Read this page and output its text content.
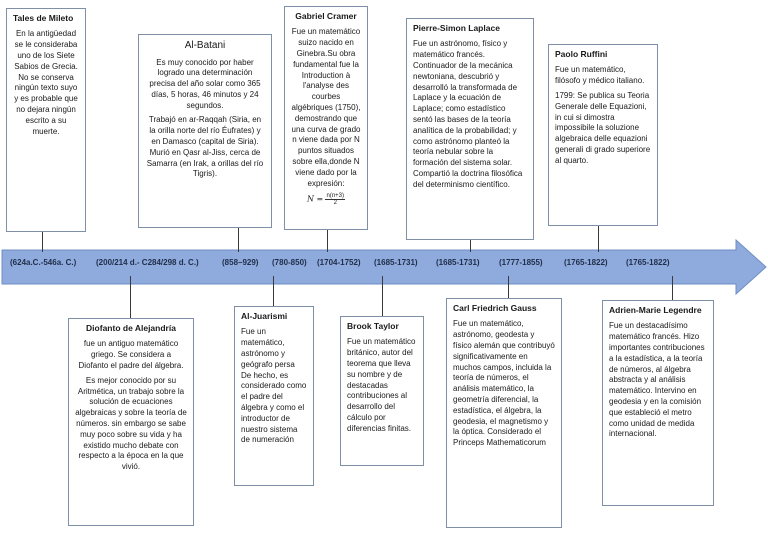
(624a.C.-546a. C.) (200/214 d.- C284/298 d. C.)	(858–929) (780-850) (1704-1752) (1685-1731) (1685-1731) (1777-1855)	(1765-1822) (1765-1822)
Tales de Mileto

En la antigüedad se le consideraba uno de los Siete Sabios de Grecia. No se conserva ningún texto suyo y es probable que no dejara ningún escrito a su muerte.

Al-Batani

Es muy conocido por haber logrado una determinación precisa del año solar como 365 días, 5 horas, 46 minutos y 24 segundos.

Trabajó en ar-Raqqah (Siria, en la orilla norte del río Éufrates) y en Damasco (capital de Siria). Murió en Qasr al-Jiss, cerca de Samarra (en Irak, a orillas del río Tigris).

Gabriel Cramer

Fue un matemático suizo nacido en Ginebra.Su obra fundamental fue la Introduction à l'analyse des courbes algébriques (1750), demostrando que una curva de grado n viene dada por N puntos situados sobre ella,donde N viene dado por la expresión:

$N = \frac{n(n+3)}{2}$
Pierre-Simon Laplace

Fue un astrónomo, físico y matemático francés. Continuador de la mecánica newtoniana, descubrió y desarrolló la transformada de Laplace y la ecuación de Laplace; como estadístico sentó las bases de la teoría analítica de la probabilidad; y como astrónomo planteó la teoría nebular sobre la formación del sistema solar. Compartió la doctrina filosófica del determinismo científico.

Paolo Ruffini

Fue un matemático, filósofo y médico italiano.

1799: Se publica su Teoria Generale delle Equazioni, in cui si dimostra impossibile la soluzione algebraica delle equazioni generali di grado superiore al quarto.

Diofanto de Alejandría

fue un antiguo matemático griego. Se considera a Diofanto el padre del álgebra.

Es mejor conocido por su Aritmética, un trabajo sobre la solución de ecuaciones algebraicas y sobre la teoría de números. sin embargo se sabe muy poco sobre su vida y ha existido mucho debate con respecto a la época en la que vivió.

Al-Juarismi

Fue un matemático, astrónomo y geógrafo persa De hecho, es considerado como el padre del álgebra y como el introductor de nuestro sistema de numeración

Brook Taylor

Fue un matemático británico, autor del teorema que lleva su nombre y de destacadas contribuciones al desarrollo del cálculo por diferencias finitas.

Carl Friedrich Gauss

Fue un matemático, astrónomo, geodesta y físico alemán que contribuyó significativamente en muchos campos, incluida la teoría de números, el análisis matemático, la geometría diferencial, la estadística, el álgebra, la geodesia, el magnetismo y la óptica. Considerado el Princeps Mathematicorum

Adrien-Marie Legendre

Fue un destacadísimo matemático francés. Hizo importantes contribuciones a la estadística, a la teoría de números, al álgebra abstracta y al análisis matemático. Intervino en geodesia y en la comisión que estableció el metro como unidad de medida internacional.
